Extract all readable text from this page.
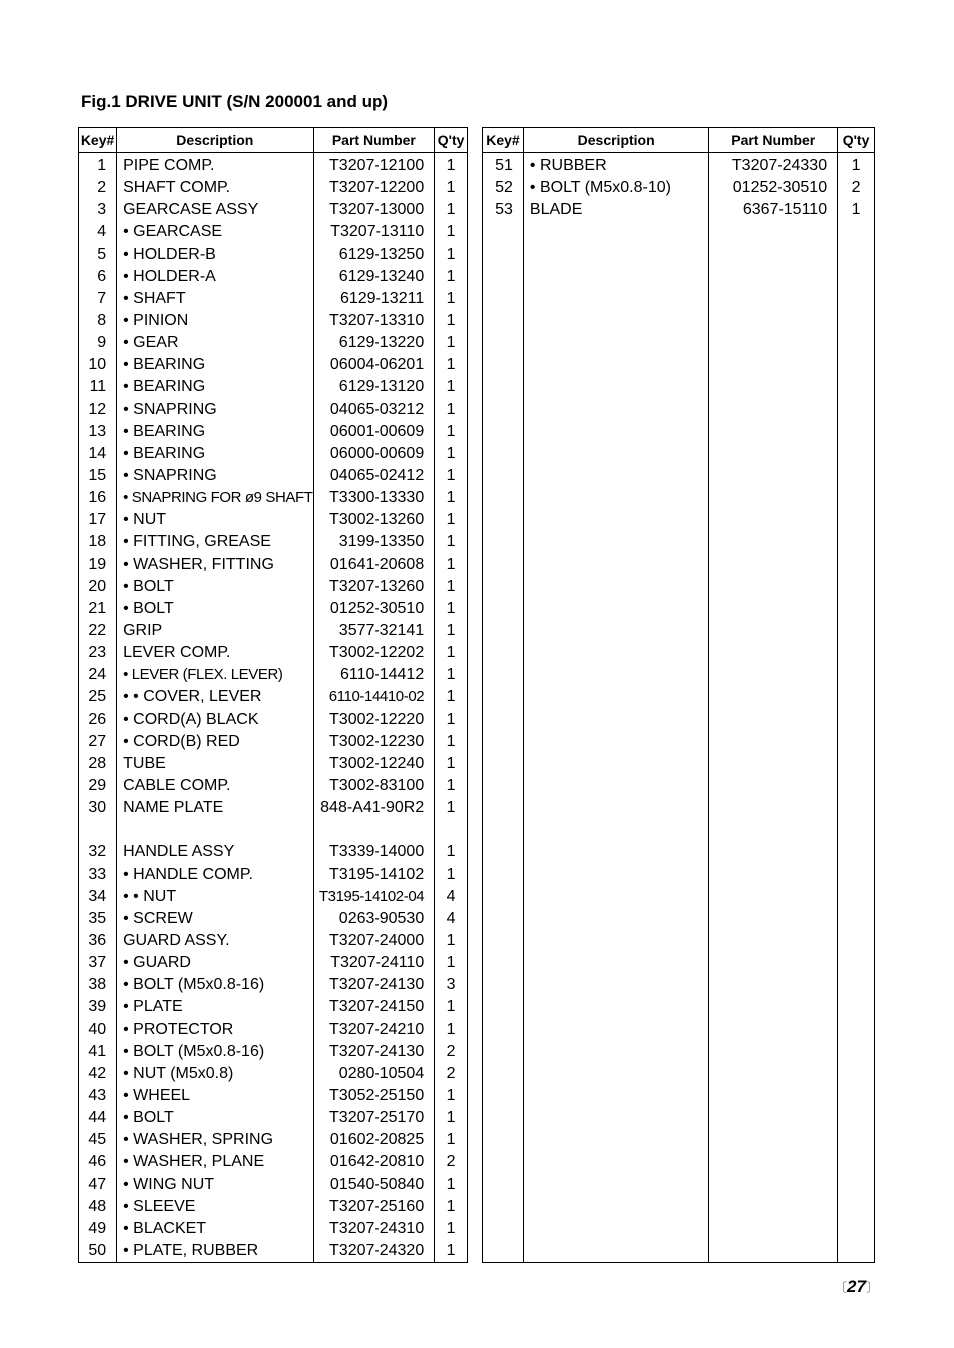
Fig.1 DRIVE UNIT (S/N 200001 and up)
Key#	Description	Part Number	Q'ty
1	PIPE COMP.	T3207-12100	1
2	SHAFT COMP.	T3207-12200	1
3	GEARCASE ASSY	T3207-13000	1
4	• GEARCASE	T3207-13110	1
5	• HOLDER-B	6129-13250	1
6	• HOLDER-A	6129-13240	1
7	• SHAFT	6129-13211	1
8	• PINION	T3207-13310	1
9	• GEAR	6129-13220	1
10	• BEARING	06004-06201	1
11	• BEARING	6129-13120	1
12	• SNAPRING	04065-03212	1
13	• BEARING	06001-00609	1
14	• BEARING	06000-00609	1
15	• SNAPRING	04065-02412	1
16	• SNAPRING FOR ø9 SHAFT	T3300-13330	1
17	• NUT	T3002-13260	1
18	• FITTING, GREASE	3199-13350	1
19	• WASHER, FITTING	01641-20608	1
20	• BOLT	T3207-13260	1
21	• BOLT	01252-30510	1
22	GRIP	3577-32141	1
23	LEVER COMP.	T3002-12202	1
24	• LEVER (FLEX. LEVER)	6110-14412	1
25	• • COVER, LEVER	6110-14410-02	1
26	• CORD(A) BLACK	T3002-12220	1
27	• CORD(B) RED	T3002-12230	1
28	TUBE	T3002-12240	1
29	CABLE COMP.	T3002-83100	1
30	NAME PLATE	848-A41-90R2	1

32	HANDLE ASSY	T3339-14000	1
33	• HANDLE COMP.	T3195-14102	1
34	• • NUT	T3195-14102-04	4
35	• SCREW	0263-90530	4
36	GUARD ASSY.	T3207-24000	1
37	• GUARD	T3207-24110	1
38	• BOLT (M5x0.8-16)	T3207-24130	3
39	• PLATE	T3207-24150	1
40	• PROTECTOR	T3207-24210	1
41	• BOLT (M5x0.8-16)	T3207-24130	2
42	• NUT (M5x0.8)	0280-10504	2
43	• WHEEL	T3052-25150	1
44	• BOLT	T3207-25170	1
45	• WASHER, SPRING	01602-20825	1
46	• WASHER, PLANE	01642-20810	2
47	• WING NUT	01540-50840	1
48	• SLEEVE	T3207-25160	1
49	• BLACKET	T3207-24310	1
50	• PLATE, RUBBER	T3207-24320	1
Key#	Description	Part Number	Q'ty
51	• RUBBER	T3207-24330	1
52	• BOLT (M5x0.8-10)	01252-30510	2
53	BLADE	6367-15110	1

〔27〕
